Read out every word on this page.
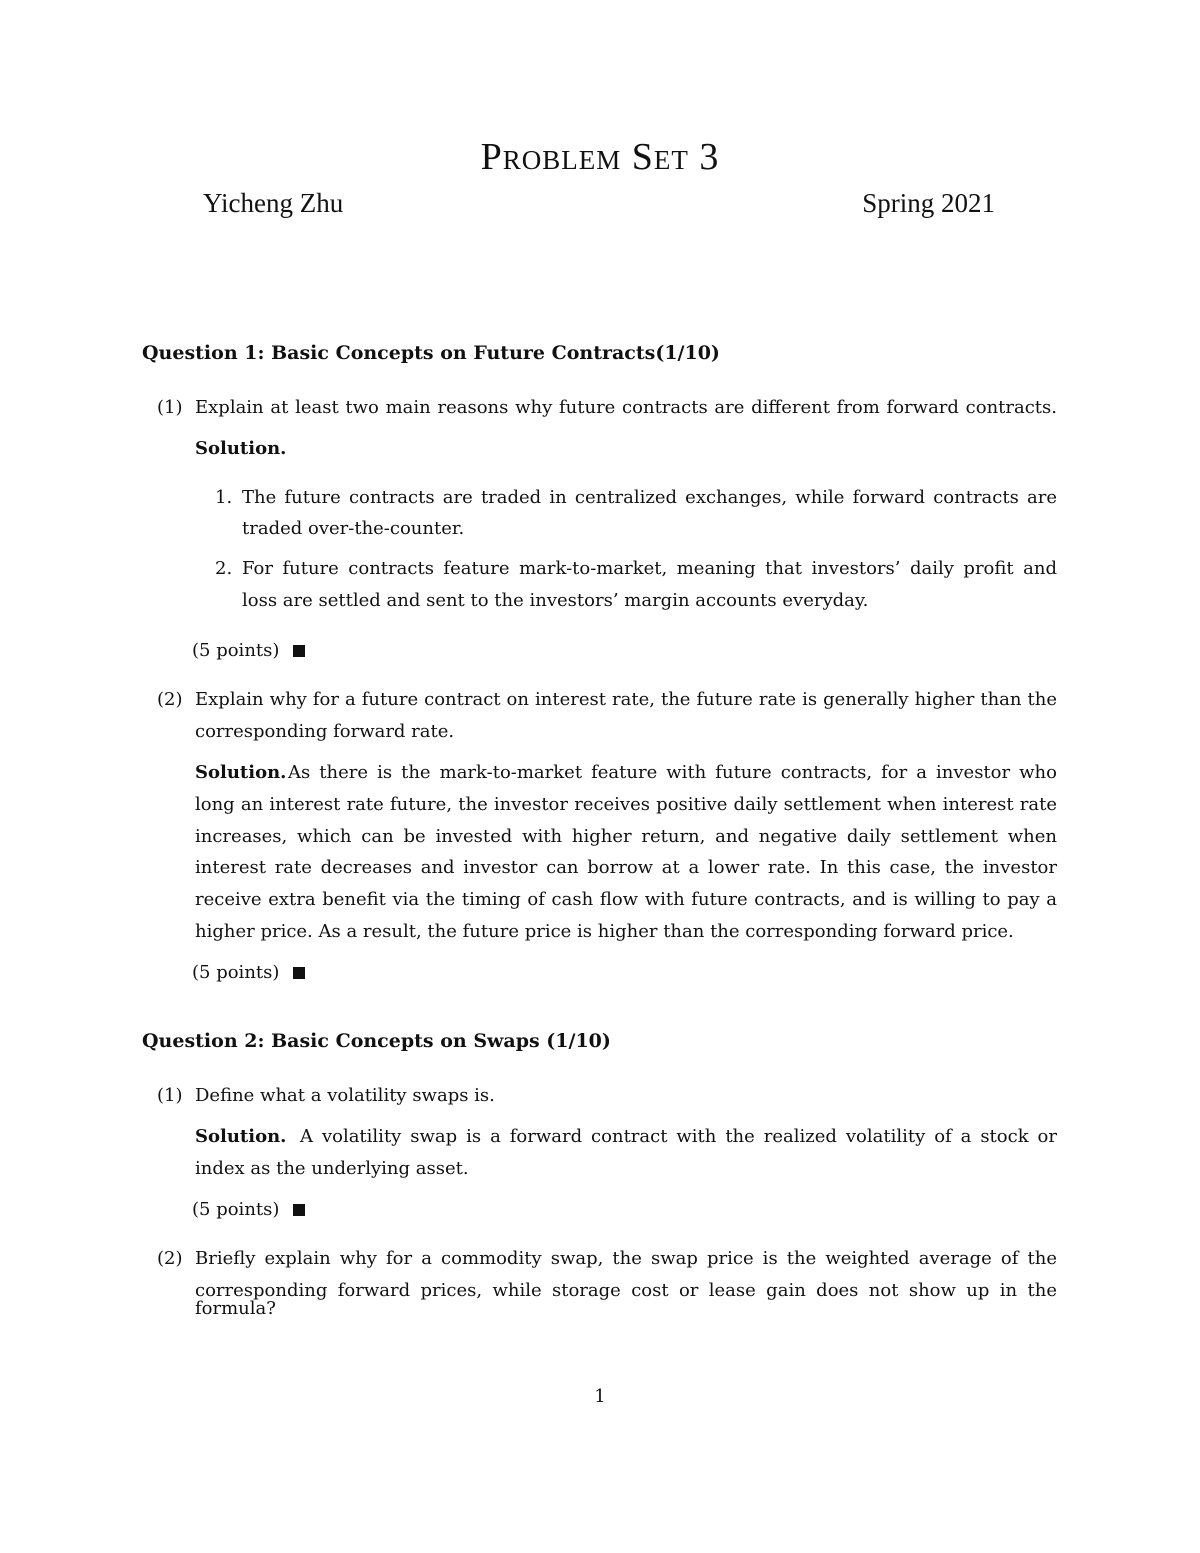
Problem Set 3
Yicheng Zhu	Spring 2021
Question 1: Basic Concepts on Future Contracts(1/10)
(1) Explain at least two main reasons why future contracts are different from forward contracts.
Solution.
1. The future contracts are traded in centralized exchanges, while forward contracts are
traded over-the-counter.
2. For future contracts feature mark-to-market, meaning that investors’ daily profit and
loss are settled and sent to the investors’ margin accounts everyday.
(5 points)
(2) Explain why for a future contract on interest rate, the future rate is generally higher than the
corresponding forward rate.
Solution. As there is the mark-to-market feature with future contracts, for a investor who
long an interest rate future, the investor receives positive daily settlement when interest rate
increases, which can be invested with higher return, and negative daily settlement when
interest rate decreases and investor can borrow at a lower rate. In this case, the investor
receive extra benefit via the timing of cash flow with future contracts, and is willing to pay a
higher price. As a result, the future price is higher than the corresponding forward price.
(5 points)
Question 2: Basic Concepts on Swaps (1/10)
(1) Define what a volatility swaps is.
Solution. A volatility swap is a forward contract with the realized volatility of a stock or
index as the underlying asset.
(5 points)
(2) Briefly explain why for a commodity swap, the swap price is the weighted average of the
corresponding forward prices, while storage cost or lease gain does not show up in the formula?
1
